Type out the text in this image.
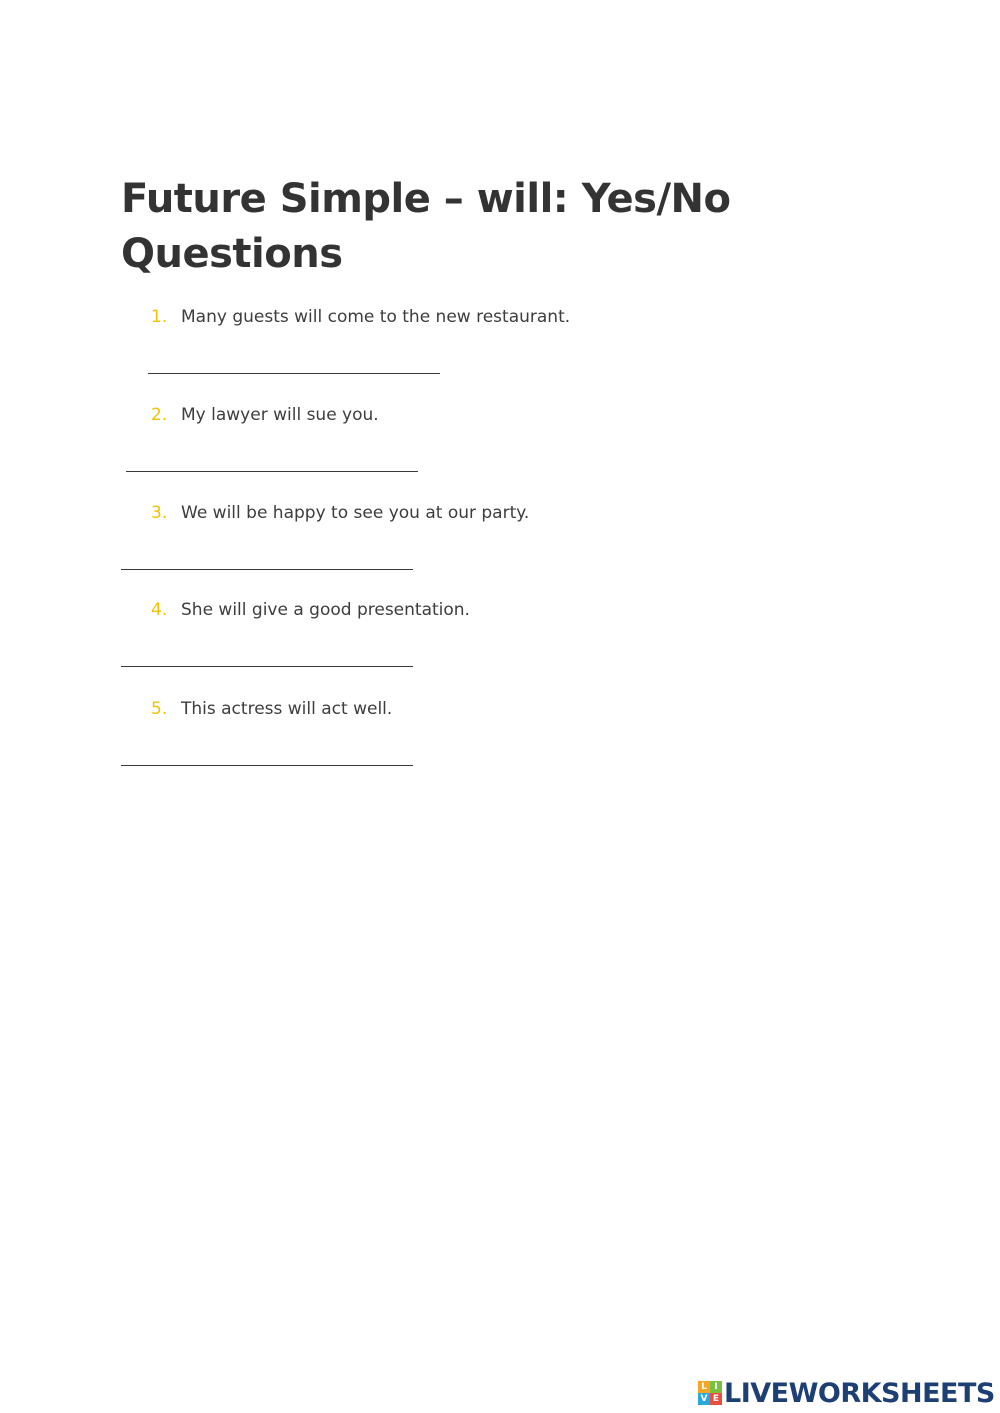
Future Simple – will: Yes/No Questions
1. Many guests will come to the new restaurant.
2. My lawyer will sue you.
3. We will be happy to see you at our party.
4. She will give a good presentation.
5. This actress will act well.
L I
V E LIVEWORKSHEETS
